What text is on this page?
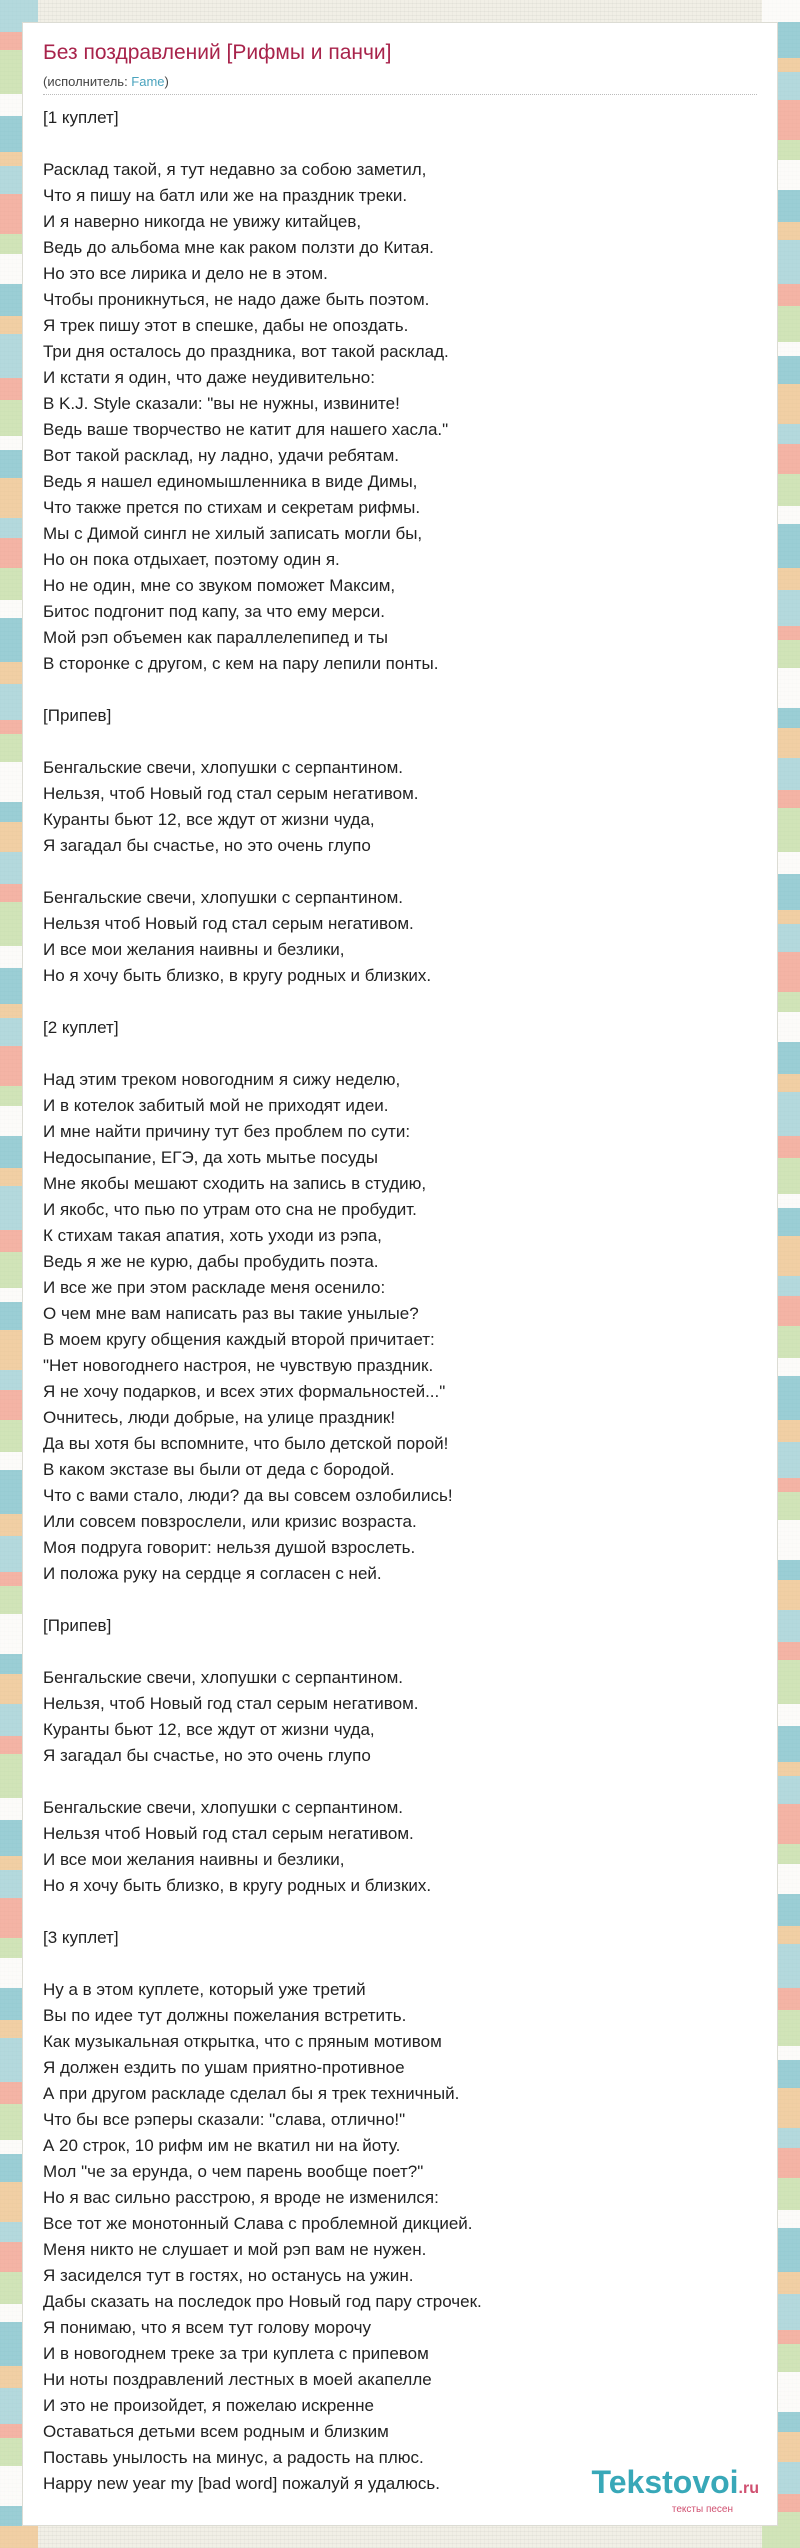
Без поздравлений [Рифмы и панчи]
(исполнитель: Fame)
[1 куплет]
Расклад такой, я тут недавно за собою заметил,
Что я пишу на батл или же на праздник треки.
И я наверно никогда не увижу китайцев,
Ведь до альбома мне как раком ползти до Китая.
Но это все лирика и дело не в этом.
Чтобы проникнуться, не надо даже быть поэтом.
Я трек пишу этот в спешке, дабы не опоздать.
Три дня осталось до праздника, вот такой расклад.
И кстати я один, что даже неудивительно:
В K.J. Style сказали: "вы не нужны, извините!
Ведь ваше творчество не катит для нашего хасла."
Вот такой расклад, ну ладно, удачи ребятам.
Ведь я нашел единомышленника в виде Димы,
Что также прется по стихам и секретам рифмы.
Мы с Димой сингл не хилый записать могли бы,
Но он пока отдыхает, поэтому один я.
Но не один, мне со звуком поможет Максим,
Битос подгонит под капу, за что ему мерси.
Мой рэп объемен как параллелепипед и ты
В сторонке с другом, с кем на пару лепили понты.
[Припев]
Бенгальские свечи, хлопушки с серпантином.
Нельзя, чтоб Новый год стал серым негативом.
Куранты бьют 12, все ждут от жизни чуда,
Я загадал бы счастье, но это очень глупо
Бенгальские свечи, хлопушки с серпантином.
Нельзя чтоб Новый год стал серым негативом.
И все мои желания наивны и безлики,
Но я хочу быть близко, в кругу родных и близких.
[2 куплет]
Над этим треком новогодним я сижу неделю,
И в котелок забитый мой не приходят идеи.
И мне найти причину тут без проблем по сути:
Недосыпание, ЕГЭ, да хоть мытье посуды
Мне якобы мешают сходить на запись в студию,
И якобс, что пью по утрам ото сна не пробудит.
К стихам такая апатия, хоть уходи из рэпа,
Ведь я же не курю, дабы пробудить поэта.
И все же при этом раскладе меня осенило:
О чем мне вам написать раз вы такие унылые?
В моем кругу общения каждый второй причитает:
"Нет новогоднего настроя, не чувствую праздник.
Я не хочу подарков, и всех этих формальностей..."
Очнитесь, люди добрые, на улице праздник!
Да вы хотя бы вспомните, что было детской порой!
В каком экстазе вы были от деда с бородой.
Что с вами стало, люди? да вы совсем озлобились!
Или совсем повзрослели, или кризис возраста.
Моя подруга говорит: нельзя душой взрослеть.
И положа руку на сердце я согласен с ней.
[Припев]
Бенгальские свечи, хлопушки с серпантином.
Нельзя, чтоб Новый год стал серым негативом.
Куранты бьют 12, все ждут от жизни чуда,
Я загадал бы счастье, но это очень глупо
Бенгальские свечи, хлопушки с серпантином.
Нельзя чтоб Новый год стал серым негативом.
И все мои желания наивны и безлики,
Но я хочу быть близко, в кругу родных и близких.
[3 куплет]
Ну а в этом куплете, который уже третий
Вы по идее тут должны пожелания встретить.
Как музыкальная открытка, что с пряным мотивом
Я должен ездить по ушам приятно-противное
А при другом раскладе сделал бы я трек техничный.
Что бы все рэперы сказали: "слава, отлично!"
А 20 строк, 10 рифм им не вкатил ни на йоту.
Мол "че за ерунда, о чем парень вообще поет?"
Но я вас сильно расстрою, я вроде не изменился:
Все тот же монотонный Слава с проблемной дикцией.
Меня никто не слушает и мой рэп вам не нужен.
Я засиделся тут в гостях, но останусь на ужин.
Дабы сказать на последок про Новый год пару строчек.
Я понимаю, что я всем тут голову морочу
И в новогоднем треке за три куплета с припевом
Ни ноты поздравлений лестных в моей акапелле
И это не произойдет, я пожелаю искренне
Оставаться детьми всем родным и близким
Поставь унылость на минус, а радость на плюс.
Happy new year my [bad word] пожалуй я удалюсь.	Tekstovoi.ru
тексты песен
